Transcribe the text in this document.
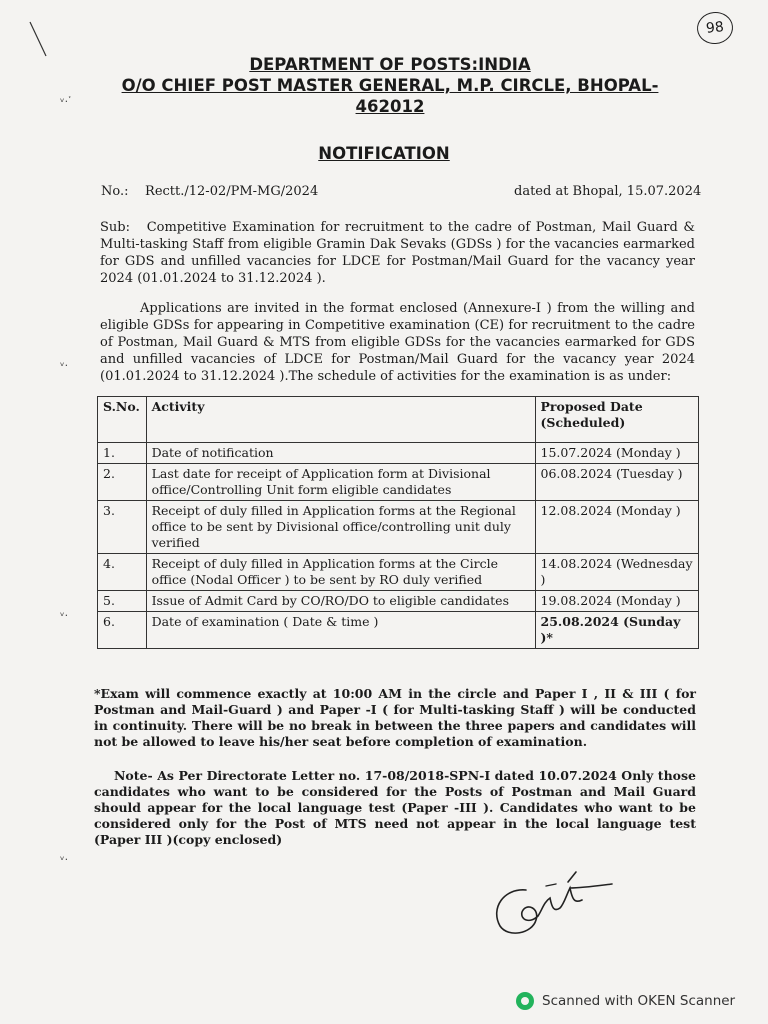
98
ᵥ.ˑ
ᵥ.
ᵥ.
ᵥ.
DEPARTMENT OF POSTS:INDIA
O/O CHIEF POST MASTER GENERAL, M.P. CIRCLE, BHOPAL-
462012
NOTIFICATION
No.: Rectt./12-02/PM-MG/2024	dated at Bhopal, 15.07.2024
Sub: Competitive Examination for recruitment to the cadre of Postman, Mail Guard & Multi-tasking Staff from eligible Gramin Dak Sevaks (GDSs ) for the vacancies earmarked for GDS and unfilled vacancies for LDCE for Postman/Mail Guard for the vacancy year 2024 (01.01.2024 to 31.12.2024 ).
Applications are invited in the format enclosed (Annexure-I ) from the willing and eligible GDSs for appearing in Competitive examination (CE) for recruitment to the cadre of Postman, Mail Guard & MTS from eligible GDSs for the vacancies earmarked for GDS and unfilled vacancies of LDCE for Postman/Mail Guard for the vacancy year 2024 (01.01.2024 to 31.12.2024 ).The schedule of activities for the examination is as under:
S.No.	Activity	Proposed Date (Scheduled)
1.	Date of notification	15.07.2024 (Monday )
2.	Last date for receipt of Application form at Divisional office/Controlling Unit form eligible candidates	06.08.2024 (Tuesday )
3.	Receipt of duly filled in Application forms at the Regional office to be sent by Divisional office/controlling unit duly verified	12.08.2024 (Monday )
4.	Receipt of duly filled in Application forms at the Circle office (Nodal Officer ) to be sent by RO duly verified	14.08.2024 (Wednesday )
5.	Issue of Admit Card by CO/RO/DO to eligible candidates	19.08.2024 (Monday )
6.	Date of examination ( Date & time )	25.08.2024 (Sunday )*
*Exam will commence exactly at 10:00 AM in the circle and Paper I , II & III ( for Postman and Mail-Guard ) and Paper -I ( for Multi-tasking Staff ) will be conducted in continuity. There will be no break in between the three papers and candidates will not be allowed to leave his/her seat before completion of examination.
Note- As Per Directorate Letter no. 17-08/2018-SPN-I dated 10.07.2024 Only those candidates who want to be considered for the Posts of Postman and Mail Guard should appear for the local language test (Paper -III ). Candidates who want to be considered only for the Post of MTS need not appear in the local language test (Paper III )(copy enclosed)
Scanned with OKEN Scanner
